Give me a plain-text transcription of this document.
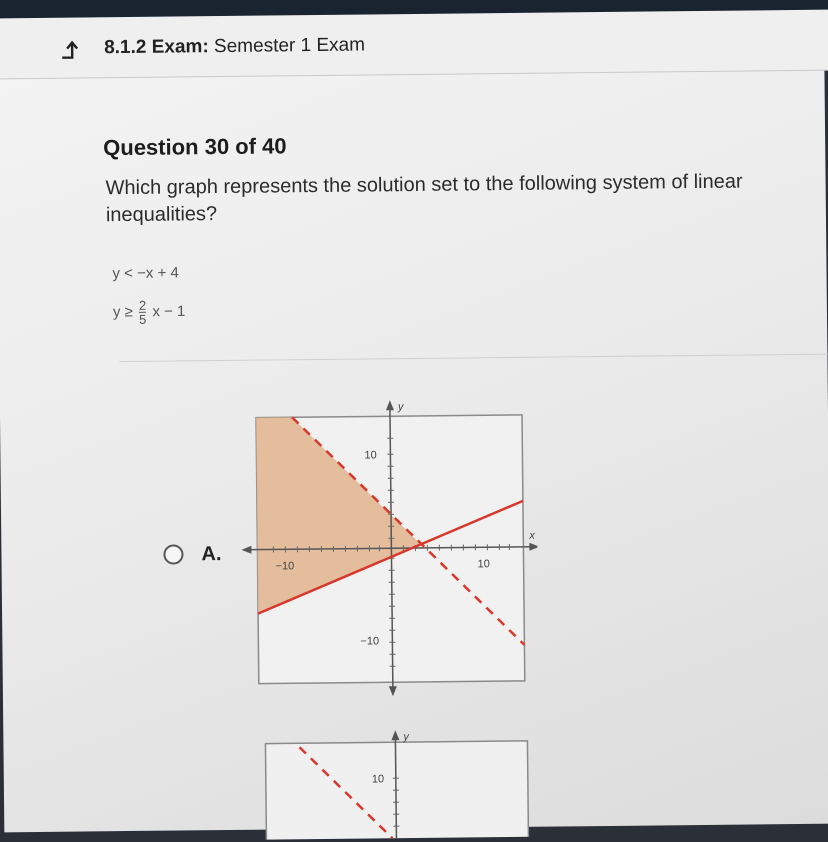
8.1.2 Exam: Semester 1 Exam
Question 30 of 40
Which graph represents the solution set to the following system of linear inequalities?
y < −x + 4
$y \ge \frac{2}{5}$ x − 1
A.
y
x
10
−10
−10	10
y
10
